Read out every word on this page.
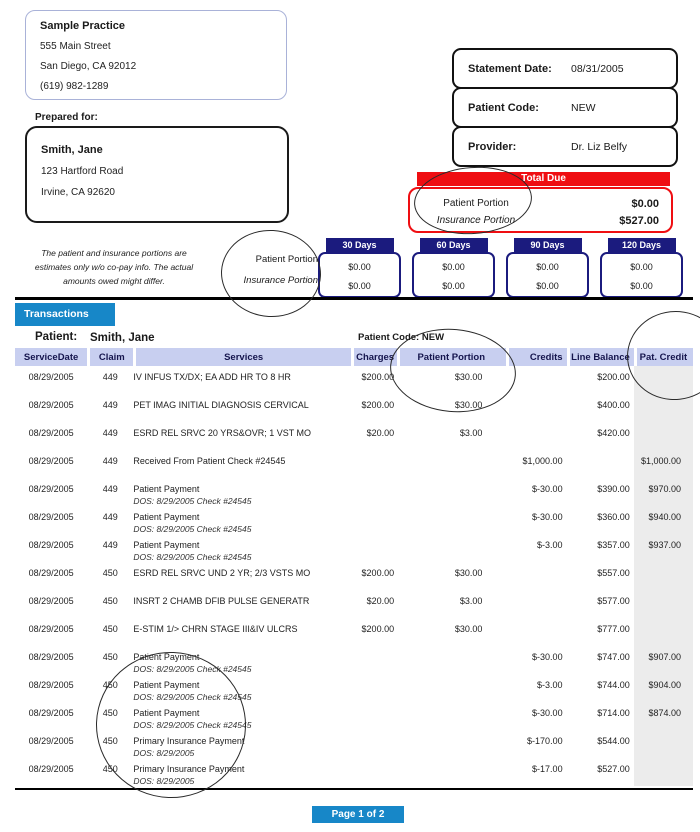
Sample Practice
555 Main Street
San Diego, CA 92012
(619) 982-1289
Prepared for:
Smith, Jane
123 Hartford Road
Irvine, CA 92620
Statement Date:	08/31/2005
Patient Code:	NEW
Provider:	Dr. Liz Belfy
Total Due
Patient Portion	$0.00
Insurance Portion	$527.00
The patient and insurance portions are
estimates only w/o co-pay info. The actual
amounts owed might differ.
Patient Portion
Insurance Portion
30 Days
$0.00
$0.00
60 Days
$0.00
$0.00
90 Days
$0.00
$0.00
120 Days
$0.00
$0.00
Transactions
Patient: Smith, Jane	Patient Code: NEW
ServiceDate	Claim	Services	Charges	Patient Portion	Credits	Line Balance	Pat. Credit
08/29/2005	449	IV INFUS TX/DX; EA ADD HR TO 8 HR	$200.00	$30.00		$200.00	
08/29/2005	449	PET IMAG INITIAL DIAGNOSIS CERVICAL	$200.00	$30.00		$400.00	
08/29/2005	449	ESRD REL SRVC 20 YRS&OVR; 1 VST MO	$20.00	$3.00		$420.00	
08/29/2005	449	Received From Patient Check #24545			$1,000.00		$1,000.00
08/29/2005	449	Patient Payment
DOS: 8/29/2005 Check #24545			$-30.00	$390.00	$970.00
08/29/2005	449	Patient Payment
DOS: 8/29/2005 Check #24545			$-30.00	$360.00	$940.00
08/29/2005	449	Patient Payment
DOS: 8/29/2005 Check #24545			$-3.00	$357.00	$937.00
08/29/2005	450	ESRD REL SRVC UND 2 YR; 2/3 VSTS MO	$200.00	$30.00		$557.00	
08/29/2005	450	INSRT 2 CHAMB DFIB PULSE GENERATR	$20.00	$3.00		$577.00	
08/29/2005	450	E-STIM 1/> CHRN STAGE III&IV ULCRS	$200.00	$30.00		$777.00	
08/29/2005	450	Patient Payment
DOS: 8/29/2005 Check #24545			$-30.00	$747.00	$907.00
08/29/2005	450	Patient Payment
DOS: 8/29/2005 Check #24545			$-3.00	$744.00	$904.00
08/29/2005	450	Patient Payment
DOS: 8/29/2005 Check #24545			$-30.00	$714.00	$874.00
08/29/2005	450	Primary Insurance Payment
DOS: 8/29/2005			$-170.00	$544.00	
08/29/2005	450	Primary Insurance Payment
DOS: 8/29/2005			$-17.00	$527.00	
Page 1 of 2
